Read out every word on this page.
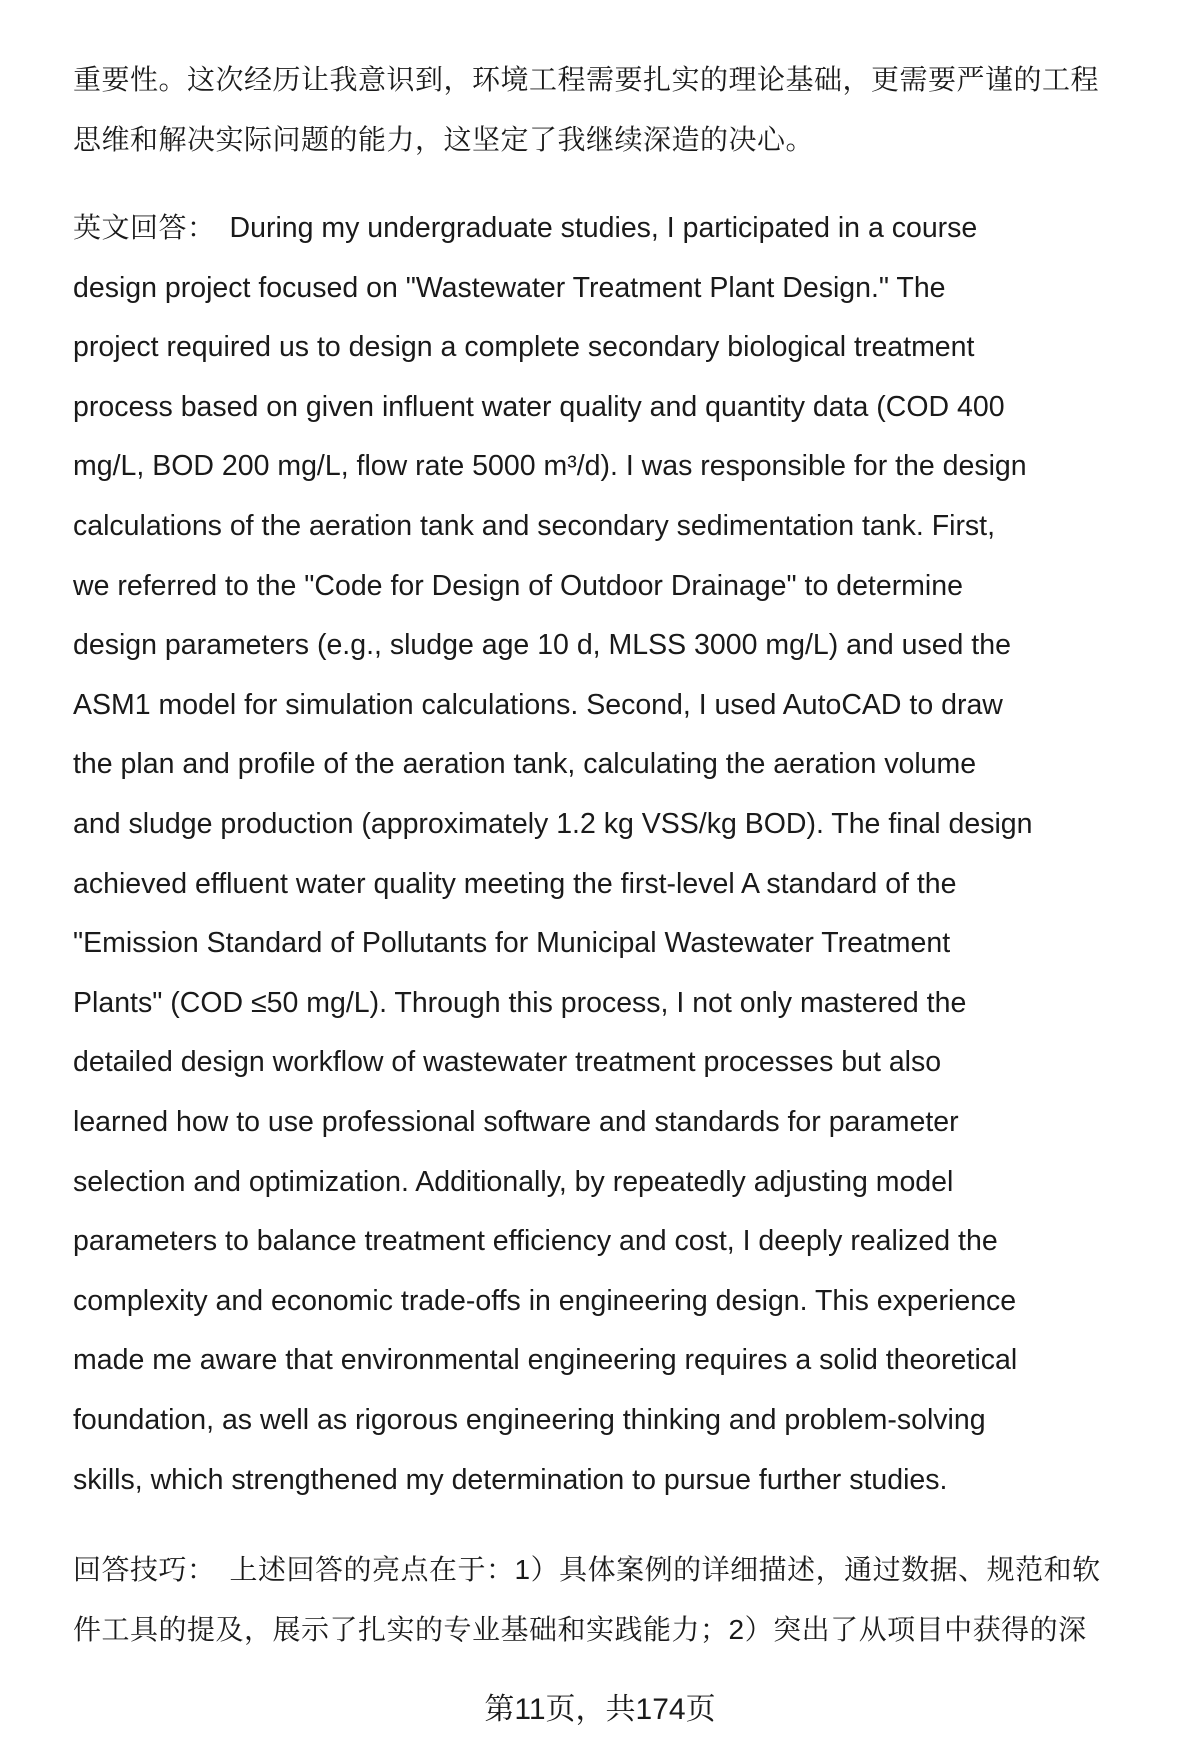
重要性。这次经历让我意识到，环境工程需要扎实的理论基础，更需要严谨的工程
思维和解决实际问题的能力，这坚定了我继续深造的决心。
英文回答： During my undergraduate studies, I participated in a course
design project focused on "Wastewater Treatment Plant Design." The
project required us to design a complete secondary biological treatment
process based on given influent water quality and quantity data (COD 400
mg/L, BOD 200 mg/L, flow rate 5000 m³/d). I was responsible for the design
calculations of the aeration tank and secondary sedimentation tank. First,
we referred to the "Code for Design of Outdoor Drainage" to determine
design parameters (e.g., sludge age 10 d, MLSS 3000 mg/L) and used the
ASM1 model for simulation calculations. Second, I used AutoCAD to draw
the plan and profile of the aeration tank, calculating the aeration volume
and sludge production (approximately 1.2 kg VSS/kg BOD). The final design
achieved effluent water quality meeting the first-level A standard of the
"Emission Standard of Pollutants for Municipal Wastewater Treatment
Plants" (COD ≤50 mg/L). Through this process, I not only mastered the
detailed design workflow of wastewater treatment processes but also
learned how to use professional software and standards for parameter
selection and optimization. Additionally, by repeatedly adjusting model
parameters to balance treatment efficiency and cost, I deeply realized the
complexity and economic trade-offs in engineering design. This experience
made me aware that environmental engineering requires a solid theoretical
foundation, as well as rigorous engineering thinking and problem-solving
skills, which strengthened my determination to pursue further studies.
回答技巧： 上述回答的亮点在于：1）具体案例的详细描述，通过数据、规范和软
件工具的提及，展示了扎实的专业基础和实践能力；2）突出了从项目中获得的深
第11页，共174页
